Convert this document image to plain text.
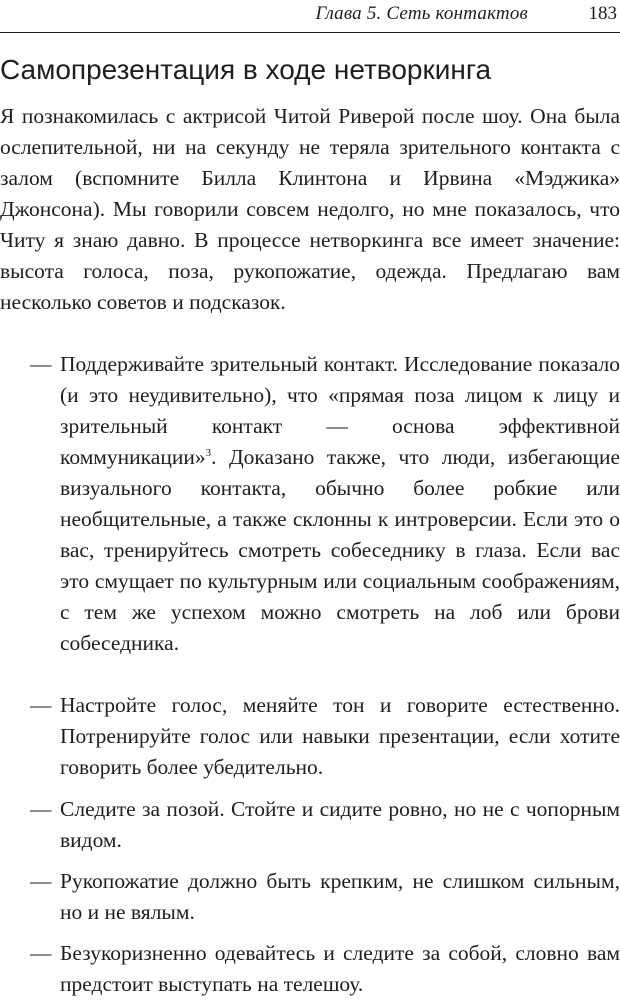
Глава 5. Сеть контактов	183
Самопрезентация в ходе нетворкинга

Я познакомилась с актрисой Читой Риверой после шоу. Она была ослепительной, ни на секунду не теряла зрительного контакта с залом (вспомните Билла Клинтона и Ирвина «Мэджика» Джонсона). Мы говорили совсем недолго, но мне показалось, что Читу я знаю давно. В процессе нетворкинга все имеет значение: высота голоса, поза, рукопожатие, одежда. Предлагаю вам несколько советов и подсказок.

— Поддерживайте зрительный контакт. Исследование показало (и это неудивительно), что «прямая поза лицом к лицу и зрительный контакт — основа эффективной коммуникации»$^3$. Доказано также, что люди, избегающие визуального контакта, обычно более робкие или необщительные, а также склонны к интроверсии. Если это о вас, тренируйтесь смотреть собеседнику в глаза. Если вас это смущает по культурным или социальным соображениям, с тем же успехом можно смотреть на лоб или брови собеседника.
— Настройте голос, меняйте тон и говорите естественно. Потренируйте голос или навыки презентации, если хотите говорить более убедительно.
— Следите за позой. Стойте и сидите ровно, но не с чопорным видом.
— Рукопожатие должно быть крепким, не слишком сильным, но и не вялым.
— Безукоризненно одевайтесь и следите за собой, словно вам предстоит выступать на телешоу.
